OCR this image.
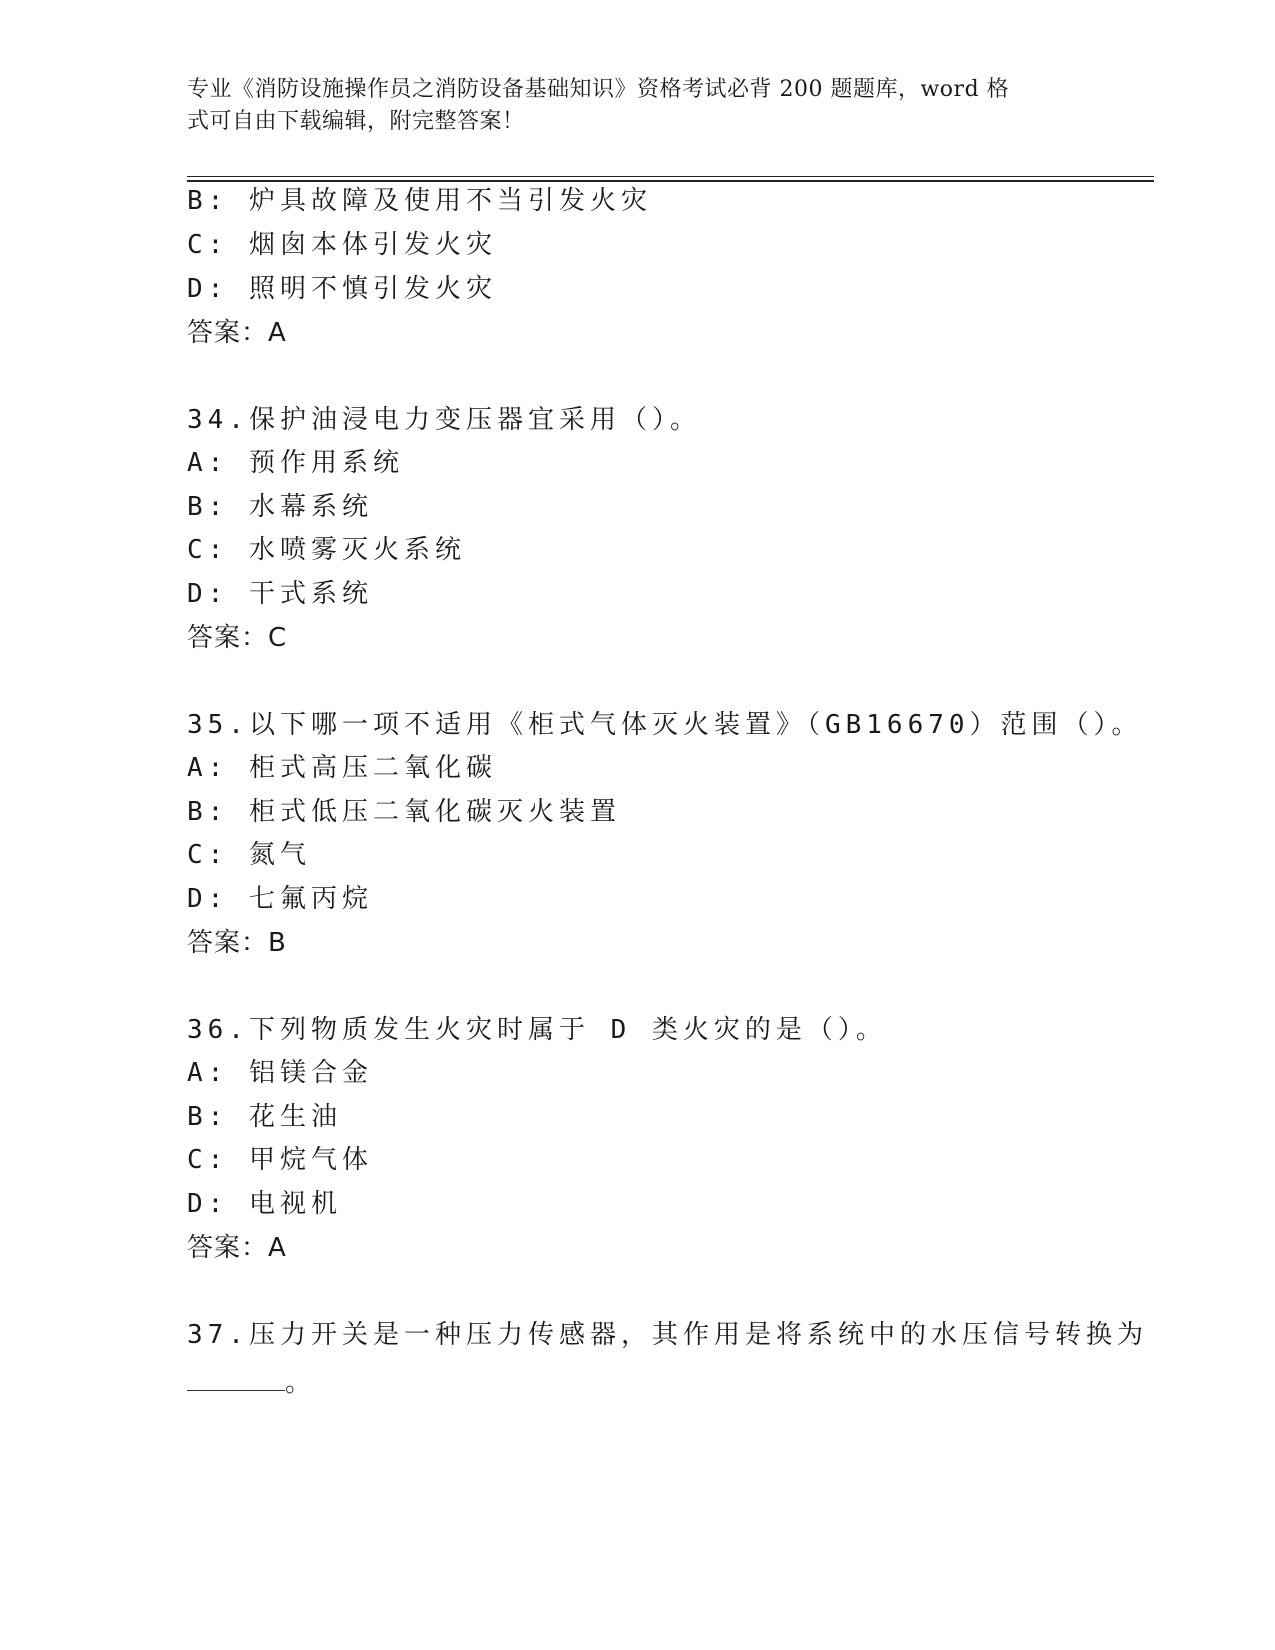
专业《消防设施操作员之消防设备基础知识》资格考试必背 200 题题库，word 格
式可自由下载编辑，附完整答案！
B: 炉具故障及使用不当引发火灾
C: 烟囱本体引发火灾
D: 照明不慎引发火灾
答案：A
34.保护油浸电力变压器宜采用（）。
A: 预作用系统
B: 水幕系统
C: 水喷雾灭火系统
D: 干式系统
答案：C
35.以下哪一项不适用《柜式气体灭火装置》（GB16670）范围（）。
A: 柜式高压二氧化碳
B: 柜式低压二氧化碳灭火装置
C: 氮气
D: 七氟丙烷
答案：B
36.下列物质发生火灾时属于 D 类火灾的是（）。
A: 铝镁合金
B: 花生油
C: 甲烷气体
D: 电视机
答案：A
37.压力开关是一种压力传感器，其作用是将系统中的水压信号转换为
。
